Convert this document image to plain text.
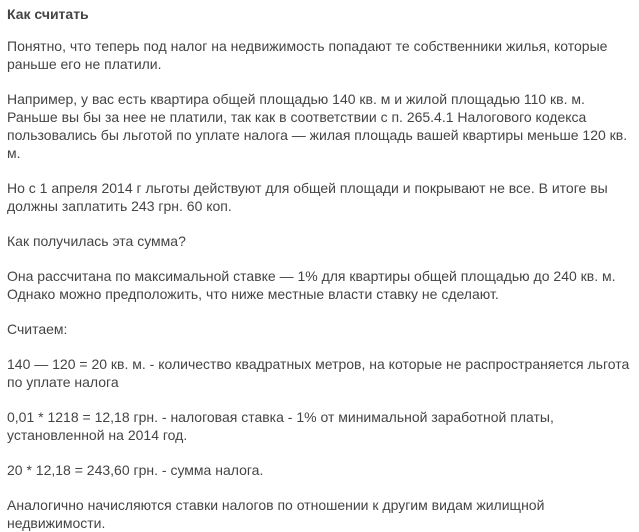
Как считать

Понятно, что теперь под налог на недвижимость попадают те собственники жилья, которые раньше его не платили.

Например, у вас есть квартира общей площадью 140 кв. м и жилой площадью 110 кв. м. Раньше вы бы за нее не платили, так как в соответствии с п. 265.4.1 Налогового кодекса пользовались бы льготой по уплате налога — жилая площадь вашей квартиры меньше 120 кв. м.

Но с 1 апреля 2014 г льготы действуют для общей площади и покрывают не все. В итоге вы должны заплатить 243 грн. 60 коп.

Как получилась эта сумма?

Она рассчитана по максимальной ставке — 1% для квартиры общей площадью до 240 кв. м. Однако можно предположить, что ниже местные власти ставку не сделают.

Считаем:

140 — 120 = 20 кв. м. - количество квадратных метров, на которые не распространяется льгота по уплате налога

0,01 * 1218 = 12,18 грн. - налоговая ставка - 1% от минимальной заработной платы, установленной на 2014 год.

20 * 12,18 = 243,60 грн. - сумма налога.

Аналогично начисляются ставки налогов по отношении к другим видам жилищной недвижимости.
